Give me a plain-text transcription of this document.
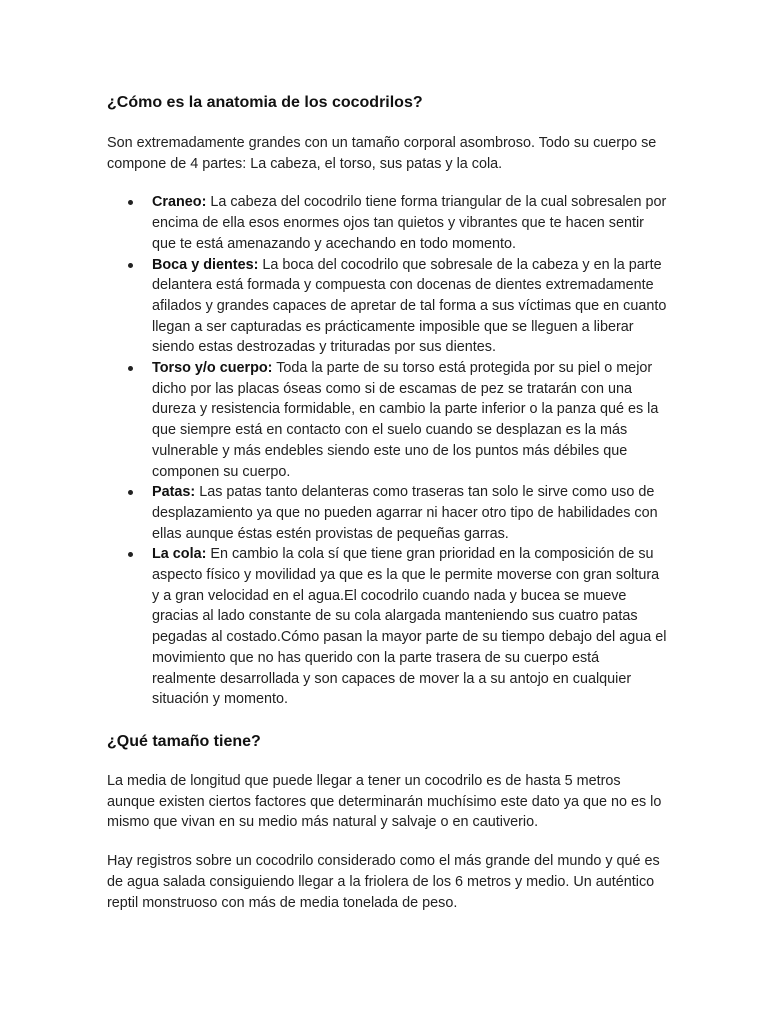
¿Cómo es la anatomia de los cocodrilos?

Son extremadamente grandes con un tamaño corporal asombroso. Todo su cuerpo se compone de 4 partes: La cabeza, el torso, sus patas y la cola.

Craneo: La cabeza del cocodrilo tiene forma triangular de la cual sobresalen por encima de ella esos enormes ojos tan quietos y vibrantes que te hacen sentir que te está amenazando y acechando en todo momento.
Boca y dientes: La boca del cocodrilo que sobresale de la cabeza y en la parte delantera está formada y compuesta con docenas de dientes extremadamente afilados y grandes capaces de apretar de tal forma a sus víctimas que en cuanto llegan a ser capturadas es prácticamente imposible que se lleguen a liberar siendo estas destrozadas y trituradas por sus dientes.
Torso y/o cuerpo: Toda la parte de su torso está protegida por su piel o mejor dicho por las placas óseas como si de escamas de pez se tratarán con una dureza y resistencia formidable, en cambio la parte inferior o la panza qué es la que siempre está en contacto con el suelo cuando se desplazan es la más vulnerable y más endebles siendo este uno de los puntos más débiles que componen su cuerpo.
Patas: Las patas tanto delanteras como traseras tan solo le sirve como uso de desplazamiento ya que no pueden agarrar ni hacer otro tipo de habilidades con ellas aunque éstas estén provistas de pequeñas garras.
La cola: En cambio la cola sí que tiene gran prioridad en la composición de su aspecto físico y movilidad ya que es la que le permite moverse con gran soltura y a gran velocidad en el agua.El cocodrilo cuando nada y bucea se mueve gracias al lado constante de su cola alargada manteniendo sus cuatro patas pegadas al costado.Cómo pasan la mayor parte de su tiempo debajo del agua el movimiento que no has querido con la parte trasera de su cuerpo está realmente desarrollada y son capaces de mover la a su antojo en cualquier situación y momento.
¿Qué tamaño tiene?

La media de longitud que puede llegar a tener un cocodrilo es de hasta 5 metros aunque existen ciertos factores que determinarán muchísimo este dato ya que no es lo mismo que vivan en su medio más natural y salvaje o en cautiverio.

Hay registros sobre un cocodrilo considerado como el más grande del mundo y qué es de agua salada consiguiendo llegar a la friolera de los 6 metros y medio. Un auténtico reptil monstruoso con más de media tonelada de peso.
